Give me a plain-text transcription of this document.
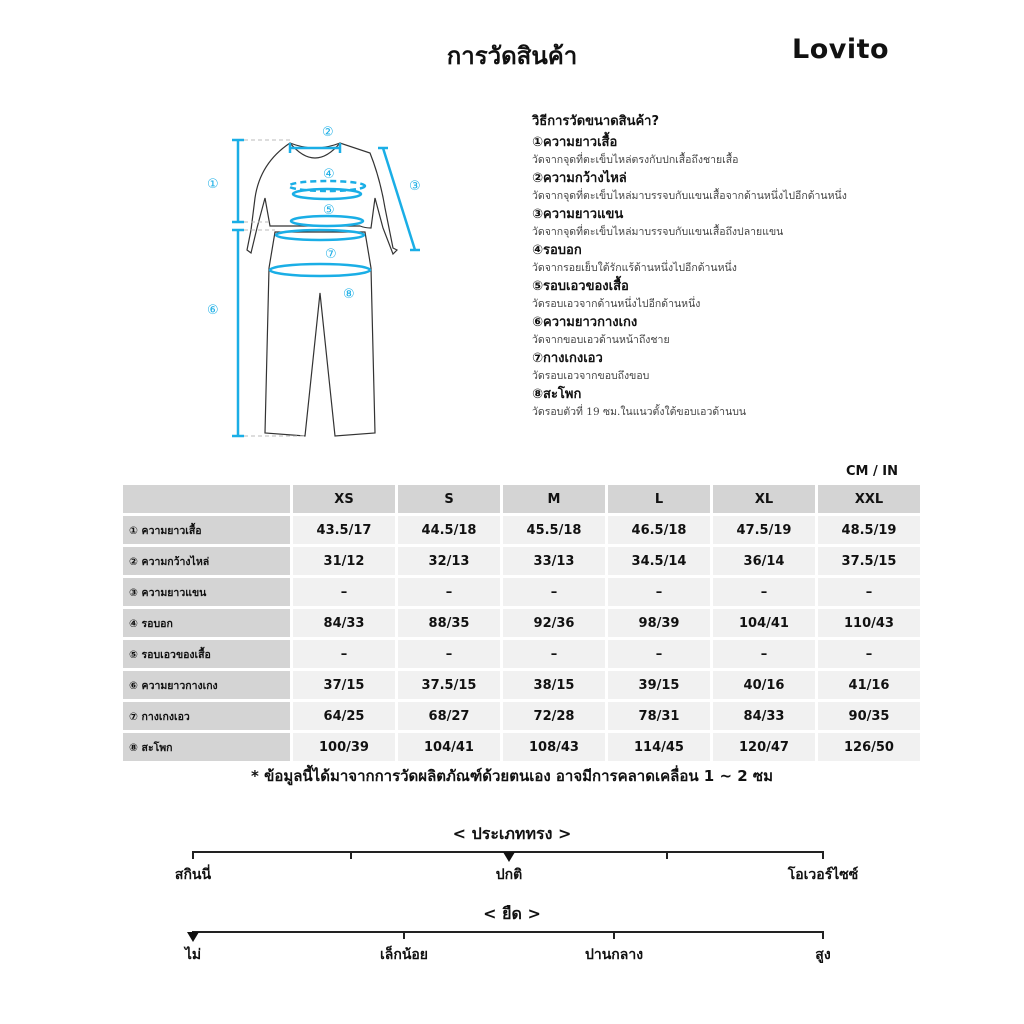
การวัดสินค้า	Lovito
①
②
③
④
⑤
⑥
⑦
⑧
วิธีการวัดขนาดสินค้า?
①ความยาวเสื้อ
วัดจากจุดที่ตะเข็บไหล่ตรงกับปกเสื้อถึงชายเสื้อ
②ความกว้างไหล่
วัดจากจุดที่ตะเข็บไหล่มาบรรจบกับแขนเสื้อจากด้านหนึ่งไปอีกด้านหนึ่ง
③ความยาวแขน
วัดจากจุดที่ตะเข็บไหล่มาบรรจบกับแขนเสื้อถึงปลายแขน
④รอบอก
วัดจากรอยเย็บใต้รักแร้ด้านหนึ่งไปอีกด้านหนึ่ง
⑤รอบเอวของเสื้อ
วัดรอบเอวจากด้านหนึ่งไปอีกด้านหนึ่ง
⑥ความยาวกางเกง
วัดจากขอบเอวด้านหน้าถึงชาย
⑦กางเกงเอว
วัดรอบเอวจากขอบถึงขอบ
⑧สะโพก
วัดรอบตัวที่ 19 ซม.ในแนวตั้งใต้ขอบเอวด้านบน
CM / IN
	XS	S	M	L	XL	XXL
① ความยาวเสื้อ	43.5/17	44.5/18	45.5/18	46.5/18	47.5/19	48.5/19
② ความกว้างไหล่	31/12	32/13	33/13	34.5/14	36/14	37.5/15
③ ความยาวแขน	–	–	–	–	–	–
④ รอบอก	84/33	88/35	92/36	98/39	104/41	110/43
⑤ รอบเอวของเสื้อ	–	–	–	–	–	–
⑥ ความยาวกางเกง	37/15	37.5/15	38/15	39/15	40/16	41/16
⑦ กางเกงเอว	64/25	68/27	72/28	78/31	84/33	90/35
⑧ สะโพก	100/39	104/41	108/43	114/45	120/47	126/50
* ข้อมูลนี้ได้มาจากการวัดผลิตภัณฑ์ด้วยตนเอง อาจมีการคลาดเคลื่อน 1 ~ 2 ซม
< ประเภททรง >
สกินนี่	ปกติ	โอเวอร์ไซซ์
< ยืด >
ไม่	เล็กน้อย	ปานกลาง	สูง
